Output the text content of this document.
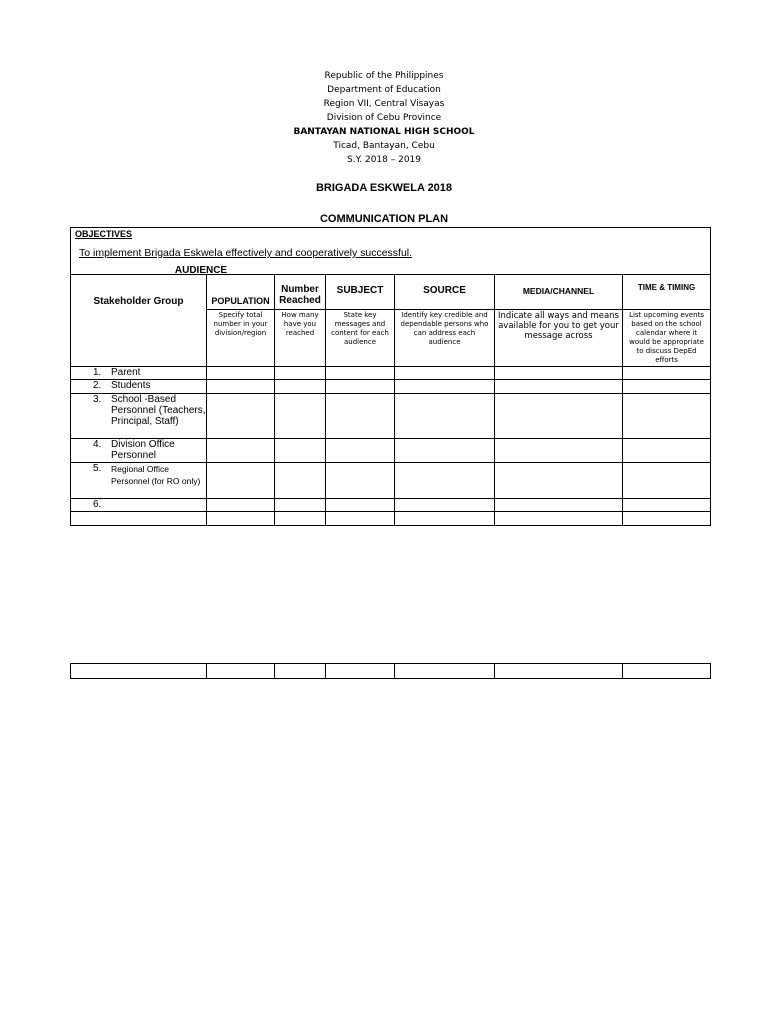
Republic of the Philippines
Department of Education
Region VII, Central Visayas
Division of Cebu Province
BANTAYAN NATIONAL HIGH SCHOOL
Ticad, Bantayan, Cebu
S.Y. 2018 – 2019
BRIGADA ESKWELA 2018
COMMUNICATION PLAN
OBJECTIVES
To implement Brigada Eskwela effectively and cooperatively successful.						

AUDIENCE
Stakeholder Group	POPULATION	Number Reached	SUBJECT	SOURCE	MEDIA/CHANNEL	TIME & TIMING

	Specify total number in your division/region	How many have you reached	State key messages and content for each audience	Identify key credible and dependable persons who can address each audience	Indicate all ways and means available for you to get your message across	List upcoming events based on the school calendar where it would be appropriate to discuss DepEd efforts

1. Parent						

2. Students						

3. School -Based Personnel (Teachers, Principal, Staff)						

4. Division Office Personnel						

5. Regional Office Personnel (for RO only)						

6.						
